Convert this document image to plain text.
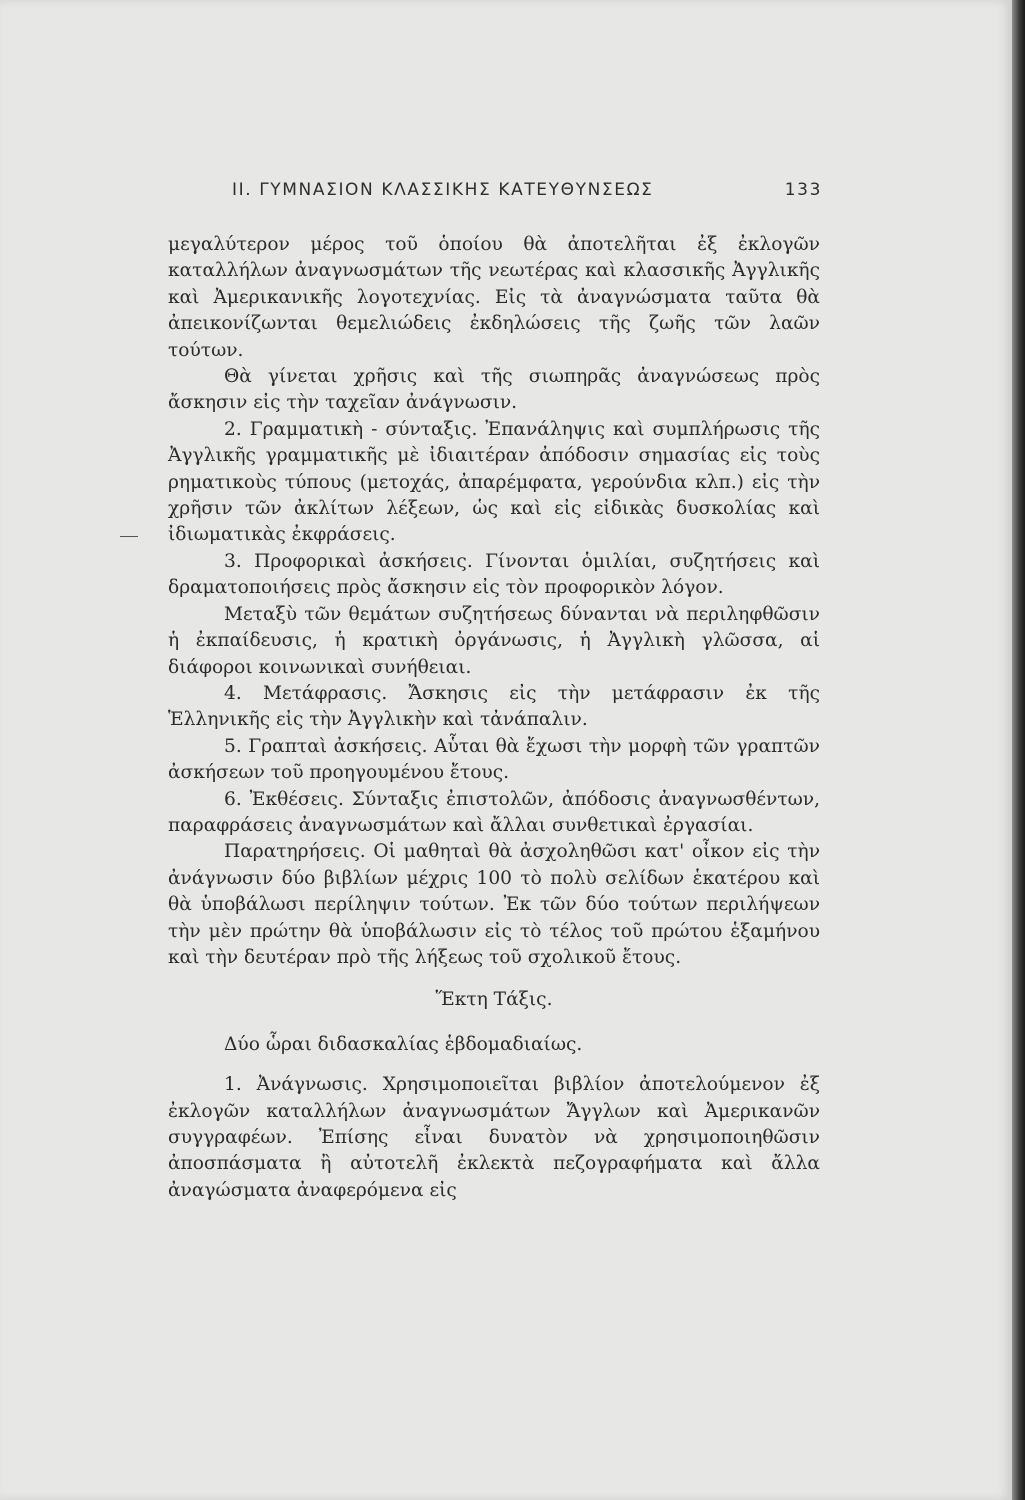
ΙΙ. ΓΥΜΝΑΣΙΟΝ ΚΛΑΣΣΙΚΗΣ ΚΑΤΕΥΘΥΝΣΕΩΣ	133

μεγαλύτερον μέρος τοῦ ὁποίου θὰ ἀποτελῆται ἐξ ἐκλογῶν καταλλήλων ἀναγνωσμάτων τῆς νεωτέρας καὶ κλασσικῆς Ἀγγλικῆς καὶ Ἀμερικανικῆς λογοτεχνίας. Εἰς τὰ ἀναγνώσματα ταῦτα θὰ ἀπεικονίζωνται θεμελιώδεις ἐκδηλώσεις τῆς ζωῆς τῶν λαῶν τούτων.

Θὰ γίνεται χρῆσις καὶ τῆς σιωπηρᾶς ἀναγνώσεως πρὸς ἄσκησιν εἰς τὴν ταχεῖαν ἀνάγνωσιν.

2. Γραμματικὴ - σύνταξις. Ἐπανάληψις καὶ συμπλήρωσις τῆς Ἀγγλικῆς γραμματικῆς μὲ ἰδιαιτέραν ἀπόδοσιν σημασίας εἰς τοὺς ρηματικοὺς τύπους (μετοχάς, ἀπαρέμφατα, γερούνδια κλπ.) εἰς τὴν χρῆσιν τῶν ἀκλίτων λέξεων, ὡς καὶ εἰς εἰδικὰς δυσκολίας καὶ ἰδιωματικὰς ἐκφράσεις.

3. Προφορικαὶ ἀσκήσεις. Γίνονται ὁμιλίαι, συζητήσεις καὶ δραματοποιήσεις πρὸς ἄσκησιν εἰς τὸν προφορικὸν λόγον.

Μεταξὺ τῶν θεμάτων συζητήσεως δύνανται νὰ περιληφθῶσιν ἡ ἐκπαίδευσις, ἡ κρατικὴ ὀργάνωσις, ἡ Ἀγγλικὴ γλῶσσα, αἱ διάφοροι κοινωνικαὶ συνήθειαι.

4. Μετάφρασις. Ἄσκησις εἰς τὴν μετάφρασιν ἐκ τῆς Ἑλληνικῆς εἰς τὴν Ἀγγλικὴν καὶ τἀνάπαλιν.

5. Γραπταὶ ἀσκήσεις. Αὗται θὰ ἔχωσι τὴν μορφὴ τῶν γραπτῶν ἀσκήσεων τοῦ προηγουμένου ἔτους.

6. Ἐκθέσεις. Σύνταξις ἐπιστολῶν, ἀπόδοσις ἀναγνωσθέντων, παραφράσεις ἀναγνωσμάτων καὶ ἄλλαι συνθετικαὶ ἐργασίαι.

Παρατηρήσεις. Οἱ μαθηταὶ θὰ ἀσχοληθῶσι κατ' οἶκον εἰς τὴν ἀνάγνωσιν δύο βιβλίων μέχρις 100 τὸ πολὺ σελίδων ἑκατέρου καὶ θὰ ὑποβάλωσι περίληψιν τούτων. Ἐκ τῶν δύο τούτων περιλήψεων τὴν μὲν πρώτην θὰ ὑποβάλωσιν εἰς τὸ τέλος τοῦ πρώτου ἑξαμήνου καὶ τὴν δευτέραν πρὸ τῆς λήξεως τοῦ σχολικοῦ ἔτους.

Ἕκτη Τάξις.

Δύο ὧραι διδασκαλίας ἑβδομαδιαίως.

1. Ἀνάγνωσις. Χρησιμοποιεῖται βιβλίον ἀποτελούμενον ἐξ ἐκλογῶν καταλλήλων ἀναγνωσμάτων Ἄγγλων καὶ Ἀμερικανῶν συγγραφέων. Ἐπίσης εἶναι δυνατὸν νὰ χρησιμοποιηθῶσιν ἀποσπάσματα ἢ αὐτοτελῆ ἐκλεκτὰ πεζογραφήματα καὶ ἄλλα ἀναγώσματα ἀναφερόμενα εἰς
